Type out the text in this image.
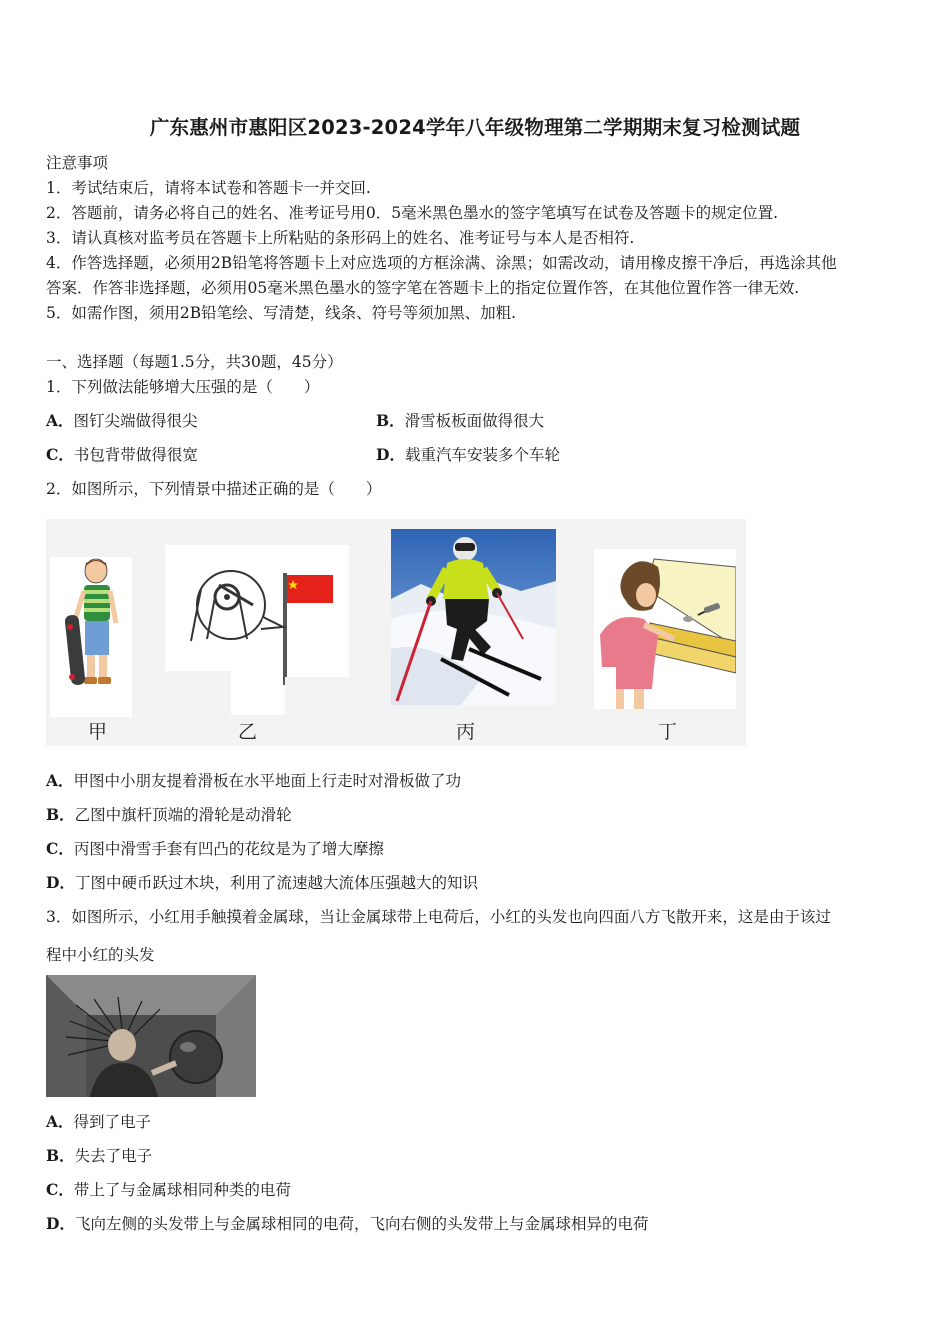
广东惠州市惠阳区2023-2024学年八年级物理第二学期期末复习检测试题
注意事项
1．考试结束后，请将本试卷和答题卡一并交回.
2．答题前，请务必将自己的姓名、准考证号用0．5毫米黑色墨水的签字笔填写在试卷及答题卡的规定位置.
3．请认真核对监考员在答题卡上所粘贴的条形码上的姓名、准考证号与本人是否相符.
4．作答选择题，必须用2B铅笔将答题卡上对应选项的方框涂满、涂黑；如需改动，请用橡皮擦干净后，再选涂其他
答案．作答非选择题，必须用05毫米黑色墨水的签字笔在答题卡上的指定位置作答，在其他位置作答一律无效.
5．如需作图，须用2B铅笔绘、写清楚，线条、符号等须加黑、加粗.
一、选择题（每题1.5分，共30题，45分）
1．下列做法能够增大压强的是（　　）
A．图钉尖端做得很尖	B．滑雪板板面做得很大
C．书包背带做得很宽	D．载重汽车安装多个车轮
2．如图所示，下列情景中描述正确的是（　　）
甲	乙	丙	丁
A．甲图中小朋友提着滑板在水平地面上行走时对滑板做了功
B．乙图中旗杆顶端的滑轮是动滑轮
C．丙图中滑雪手套有凹凸的花纹是为了增大摩擦
D．丁图中硬币跃过木块，利用了流速越大流体压强越大的知识
3．如图所示，小红用手触摸着金属球，当让金属球带上电荷后，小红的头发也向四面八方飞散开来，这是由于该过
程中小红的头发
A．得到了电子
B．失去了电子
C．带上了与金属球相同种类的电荷
D．飞向左侧的头发带上与金属球相同的电荷，飞向右侧的头发带上与金属球相异的电荷
